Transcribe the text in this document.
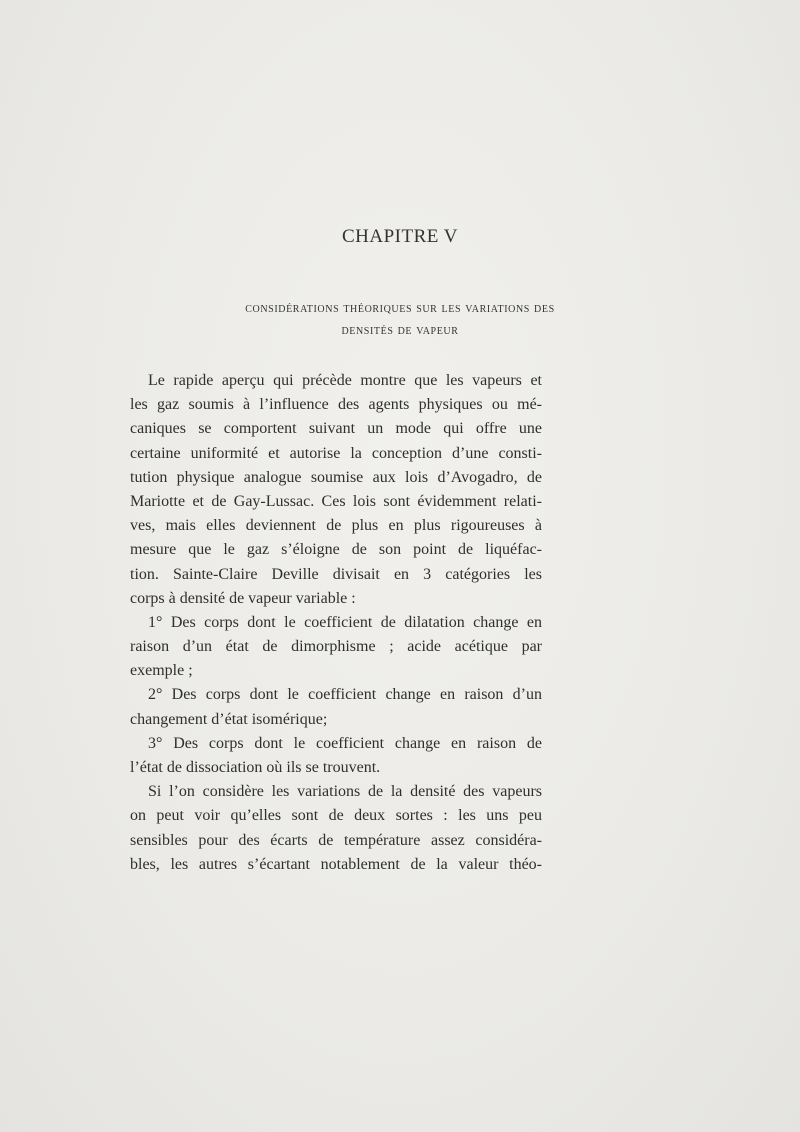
CHAPITRE V
considérations théoriques sur les variations des
densités de vapeur
Le rapide aperçu qui précède montre que les vapeurs et
les gaz soumis à l’influence des agents physiques ou mé-
caniques se comportent suivant un mode qui offre une
certaine uniformité et autorise la conception d’une consti-
tution physique analogue soumise aux lois d’Avogadro, de
Mariotte et de Gay-Lussac. Ces lois sont évidemment relati-
ves, mais elles deviennent de plus en plus rigoureuses à
mesure que le gaz s’éloigne de son point de liquéfac-
tion. Sainte-Claire Deville divisait en 3 catégories les
corps à densité de vapeur variable :
1° Des corps dont le coefficient de dilatation change en
raison d’un état de dimorphisme ; acide acétique par
exemple ;
2° Des corps dont le coefficient change en raison d’un
changement d’état isomérique;
3° Des corps dont le coefficient change en raison de
l’état de dissociation où ils se trouvent.
Si l’on considère les variations de la densité des vapeurs
on peut voir qu’elles sont de deux sortes : les uns peu
sensibles pour des écarts de température assez considéra-
bles, les autres s’écartant notablement de la valeur théo-
